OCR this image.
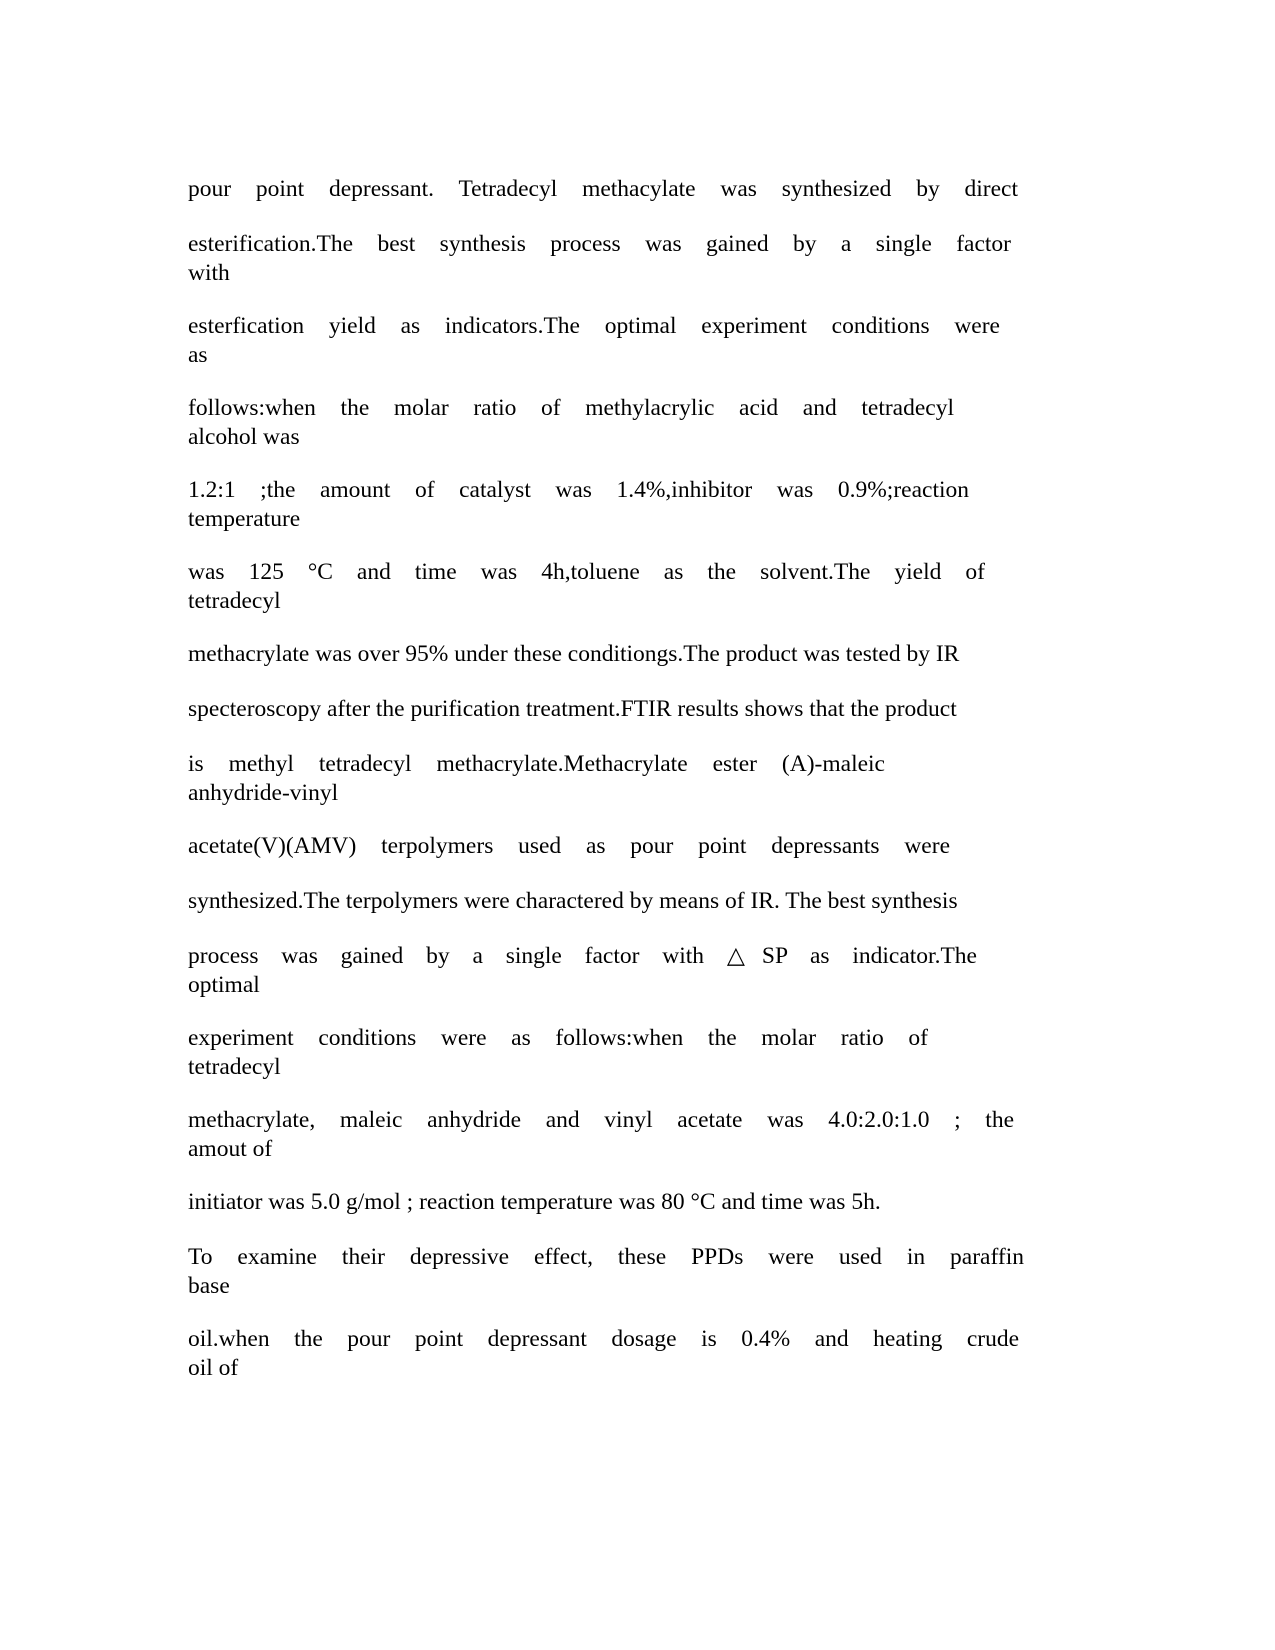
pour point depressant. Tetradecyl methacylate was synthesized by direct
esterification.The best synthesis process was gained by a single factor
with
esterfication yield as indicators.The optimal experiment conditions were
as
follows:when the molar ratio of methylacrylic acid and tetradecyl
alcohol was
1.2:1 ;the amount of catalyst was 1.4%,inhibitor was 0.9%;reaction
temperature
was 125 °C and time was 4h,toluene as the solvent.The yield of
tetradecyl
methacrylate was over 95% under these conditiongs.The product was tested by IR
specteroscopy after the purification treatment.FTIR results shows that the product
is methyl tetradecyl methacrylate.Methacrylate ester (A)-maleic
anhydride-vinyl
acetate(V)(AMV) terpolymers used as pour point depressants were
synthesized.The terpolymers were charactered by means of IR. The best synthesis
process was gained by a single factor with △SP as indicator.The
optimal
experiment conditions were as follows:when the molar ratio of
tetradecyl
methacrylate, maleic anhydride and vinyl acetate was 4.0:2.0:1.0 ; the
amout of
initiator was 5.0 g/mol ; reaction temperature was 80 °C and time was 5h.
To examine their depressive effect, these PPDs were used in paraffin
base
oil.when the pour point depressant dosage is 0.4% and heating crude
oil of
